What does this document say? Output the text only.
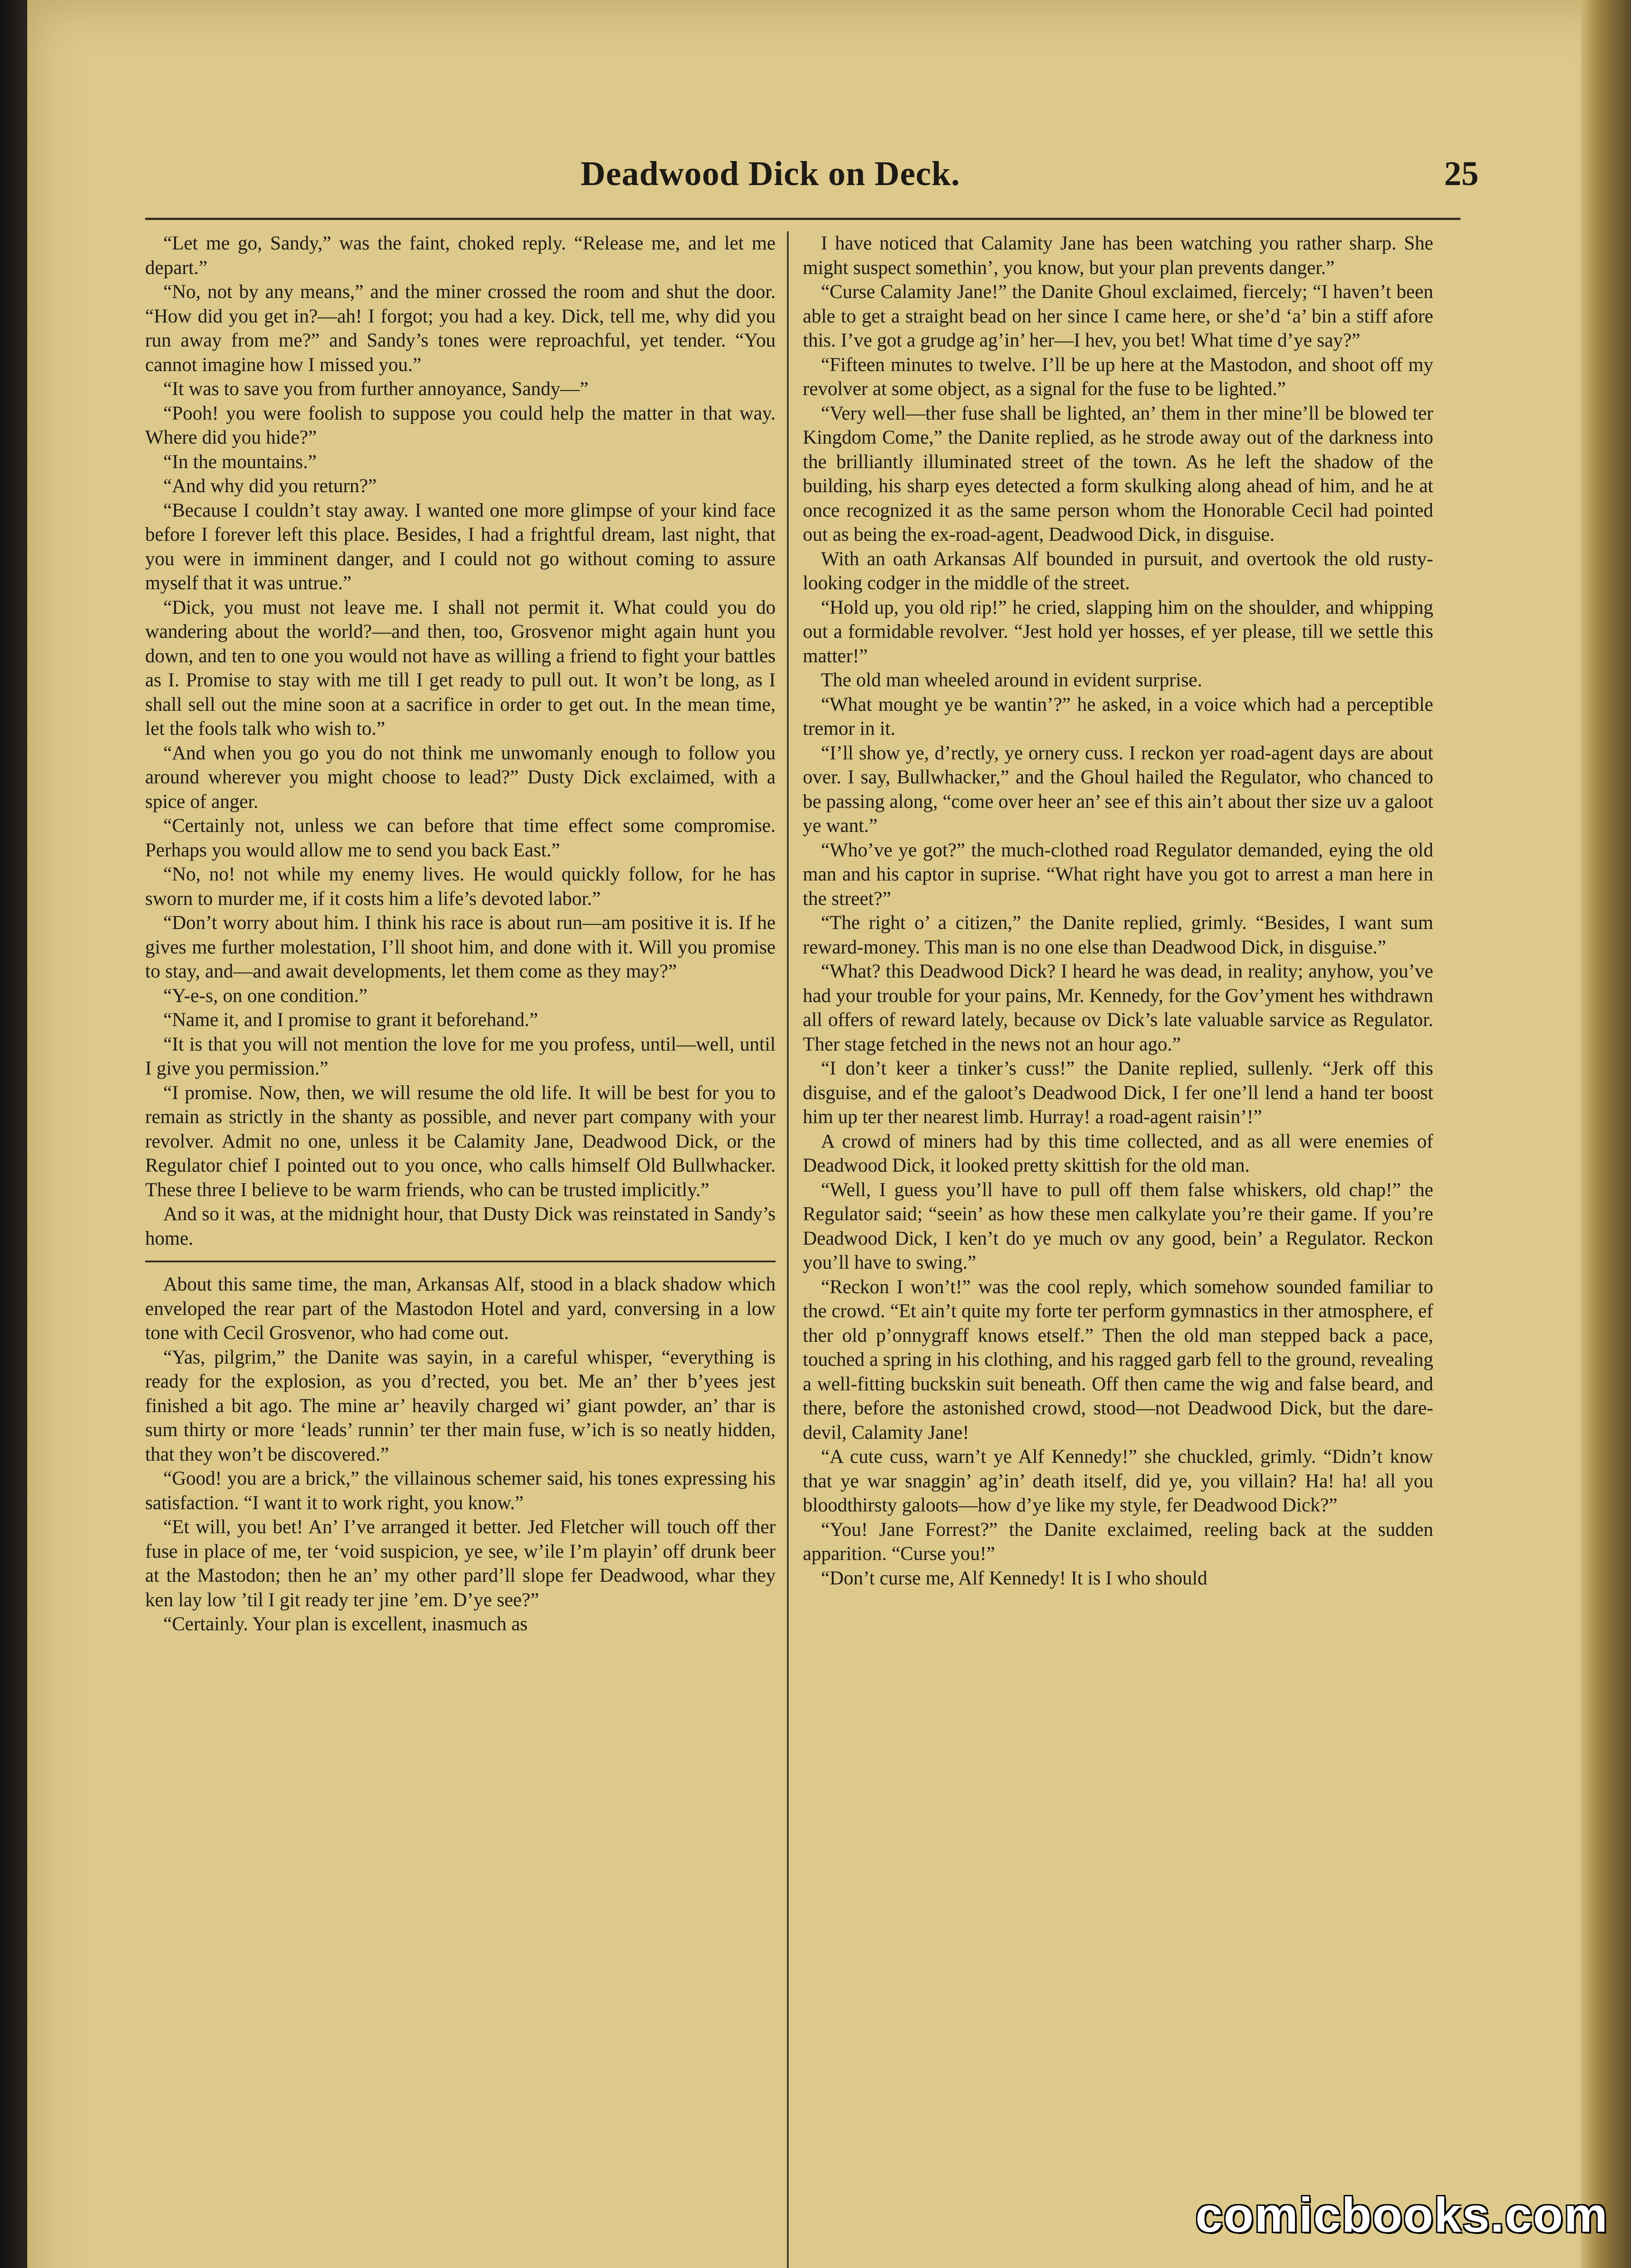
Deadwood Dick on Deck.	25

“Let me go, Sandy,” was the faint, choked reply. “Release me, and let me depart.”

“No, not by any means,” and the miner crossed the room and shut the door. “How did you get in?—ah! I forgot; you had a key. Dick, tell me, why did you run away from me?” and Sandy’s tones were reproachful, yet tender. “You cannot imagine how I missed you.”

“It was to save you from further annoyance, Sandy—”

“Pooh! you were foolish to suppose you could help the matter in that way. Where did you hide?”

“In the mountains.”

“And why did you return?”

“Because I couldn’t stay away. I wanted one more glimpse of your kind face before I forever left this place. Besides, I had a frightful dream, last night, that you were in imminent danger, and I could not go without coming to assure myself that it was untrue.”

“Dick, you must not leave me. I shall not permit it. What could you do wandering about the world?—and then, too, Grosvenor might again hunt you down, and ten to one you would not have as willing a friend to fight your battles as I. Promise to stay with me till I get ready to pull out. It won’t be long, as I shall sell out the mine soon at a sacrifice in order to get out. In the mean time, let the fools talk who wish to.”

“And when you go you do not think me unwomanly enough to follow you around wherever you might choose to lead?” Dusty Dick exclaimed, with a spice of anger.

“Certainly not, unless we can before that time effect some compromise. Perhaps you would allow me to send you back East.”

“No, no! not while my enemy lives. He would quickly follow, for he has sworn to murder me, if it costs him a life’s devoted labor.”

“Don’t worry about him. I think his race is about run—am positive it is. If he gives me further molestation, I’ll shoot him, and done with it. Will you promise to stay, and—and await developments, let them come as they may?”

“Y-e-s, on one condition.”

“Name it, and I promise to grant it beforehand.”

“It is that you will not mention the love for me you profess, until—well, until I give you permission.”

“I promise. Now, then, we will resume the old life. It will be best for you to remain as strictly in the shanty as possible, and never part company with your revolver. Admit no one, unless it be Calamity Jane, Deadwood Dick, or the Regulator chief I pointed out to you once, who calls himself Old Bullwhacker. These three I believe to be warm friends, who can be trusted implicitly.”

And so it was, at the midnight hour, that Dusty Dick was reinstated in Sandy’s home.

About this same time, the man, Arkansas Alf, stood in a black shadow which enveloped the rear part of the Mastodon Hotel and yard, conversing in a low tone with Cecil Grosvenor, who had come out.

“Yas, pilgrim,” the Danite was sayin, in a careful whisper, “everything is ready for the explosion, as you d’rected, you bet. Me an’ ther b’yees jest finished a bit ago. The mine ar’ heavily charged wi’ giant powder, an’ thar is sum thirty or more ‘leads’ runnin’ ter ther main fuse, w’ich is so neatly hidden, that they won’t be discovered.”

“Good! you are a brick,” the villainous schemer said, his tones expressing his satisfaction. “I want it to work right, you know.”

“Et will, you bet! An’ I’ve arranged it better. Jed Fletcher will touch off ther fuse in place of me, ter ‘void suspicion, ye see, w’ile I’m playin’ off drunk beer at the Mastodon; then he an’ my other pard’ll slope fer Deadwood, whar they ken lay low ’til I git ready ter jine ’em. D’ye see?”

“Certainly. Your plan is excellent, inasmuch as

I have noticed that Calamity Jane has been watching you rather sharp. She might suspect somethin’, you know, but your plan prevents danger.”

“Curse Calamity Jane!” the Danite Ghoul exclaimed, fiercely; “I haven’t been able to get a straight bead on her since I came here, or she’d ‘a’ bin a stiff afore this. I’ve got a grudge ag’in’ her—I hev, you bet! What time d’ye say?”

“Fifteen minutes to twelve. I’ll be up here at the Mastodon, and shoot off my revolver at some object, as a signal for the fuse to be lighted.”

“Very well—ther fuse shall be lighted, an’ them in ther mine’ll be blowed ter Kingdom Come,” the Danite replied, as he strode away out of the darkness into the brilliantly illuminated street of the town. As he left the shadow of the building, his sharp eyes detected a form skulking along ahead of him, and he at once recognized it as the same person whom the Honorable Cecil had pointed out as being the ex-road-agent, Deadwood Dick, in disguise.

With an oath Arkansas Alf bounded in pursuit, and overtook the old rusty-looking codger in the middle of the street.

“Hold up, you old rip!” he cried, slapping him on the shoulder, and whipping out a formidable revolver. “Jest hold yer hosses, ef yer please, till we settle this matter!”

The old man wheeled around in evident surprise.

“What mought ye be wantin’?” he asked, in a voice which had a perceptible tremor in it.

“I’ll show ye, d’rectly, ye ornery cuss. I reckon yer road-agent days are about over. I say, Bullwhacker,” and the Ghoul hailed the Regulator, who chanced to be passing along, “come over heer an’ see ef this ain’t about ther size uv a galoot ye want.”

“Who’ve ye got?” the much-clothed road Regulator demanded, eying the old man and his captor in suprise. “What right have you got to arrest a man here in the street?”

“The right o’ a citizen,” the Danite replied, grimly. “Besides, I want sum reward-money. This man is no one else than Deadwood Dick, in disguise.”

“What? this Deadwood Dick? I heard he was dead, in reality; anyhow, you’ve had your trouble for your pains, Mr. Kennedy, for the Gov’yment hes withdrawn all offers of reward lately, because ov Dick’s late valuable sarvice as Regulator. Ther stage fetched in the news not an hour ago.”

“I don’t keer a tinker’s cuss!” the Danite replied, sullenly. “Jerk off this disguise, and ef the galoot’s Deadwood Dick, I fer one’ll lend a hand ter boost him up ter ther nearest limb. Hurray! a road-agent raisin’!”

A crowd of miners had by this time collected, and as all were enemies of Deadwood Dick, it looked pretty skittish for the old man.

“Well, I guess you’ll have to pull off them false whiskers, old chap!” the Regulator said; “seein’ as how these men calkylate you’re their game. If you’re Deadwood Dick, I ken’t do ye much ov any good, bein’ a Regulator. Reckon you’ll have to swing.”

“Reckon I won’t!” was the cool reply, which somehow sounded familiar to the crowd. “Et ain’t quite my forte ter perform gymnastics in ther atmosphere, ef ther old p’onnygraff knows etself.” Then the old man stepped back a pace, touched a spring in his clothing, and his ragged garb fell to the ground, revealing a well-fitting buckskin suit beneath. Off then came the wig and false beard, and there, before the astonished crowd, stood—not Deadwood Dick, but the dare-devil, Calamity Jane!

“A cute cuss, warn’t ye Alf Kennedy!” she chuckled, grimly. “Didn’t know that ye war snaggin’ ag’in’ death itself, did ye, you villain? Ha! ha! all you bloodthirsty galoots—how d’ye like my style, fer Deadwood Dick?”

“You! Jane Forrest?” the Danite exclaimed, reeling back at the sudden apparition. “Curse you!”

“Don’t curse me, Alf Kennedy! It is I who should

comicbooks.com
